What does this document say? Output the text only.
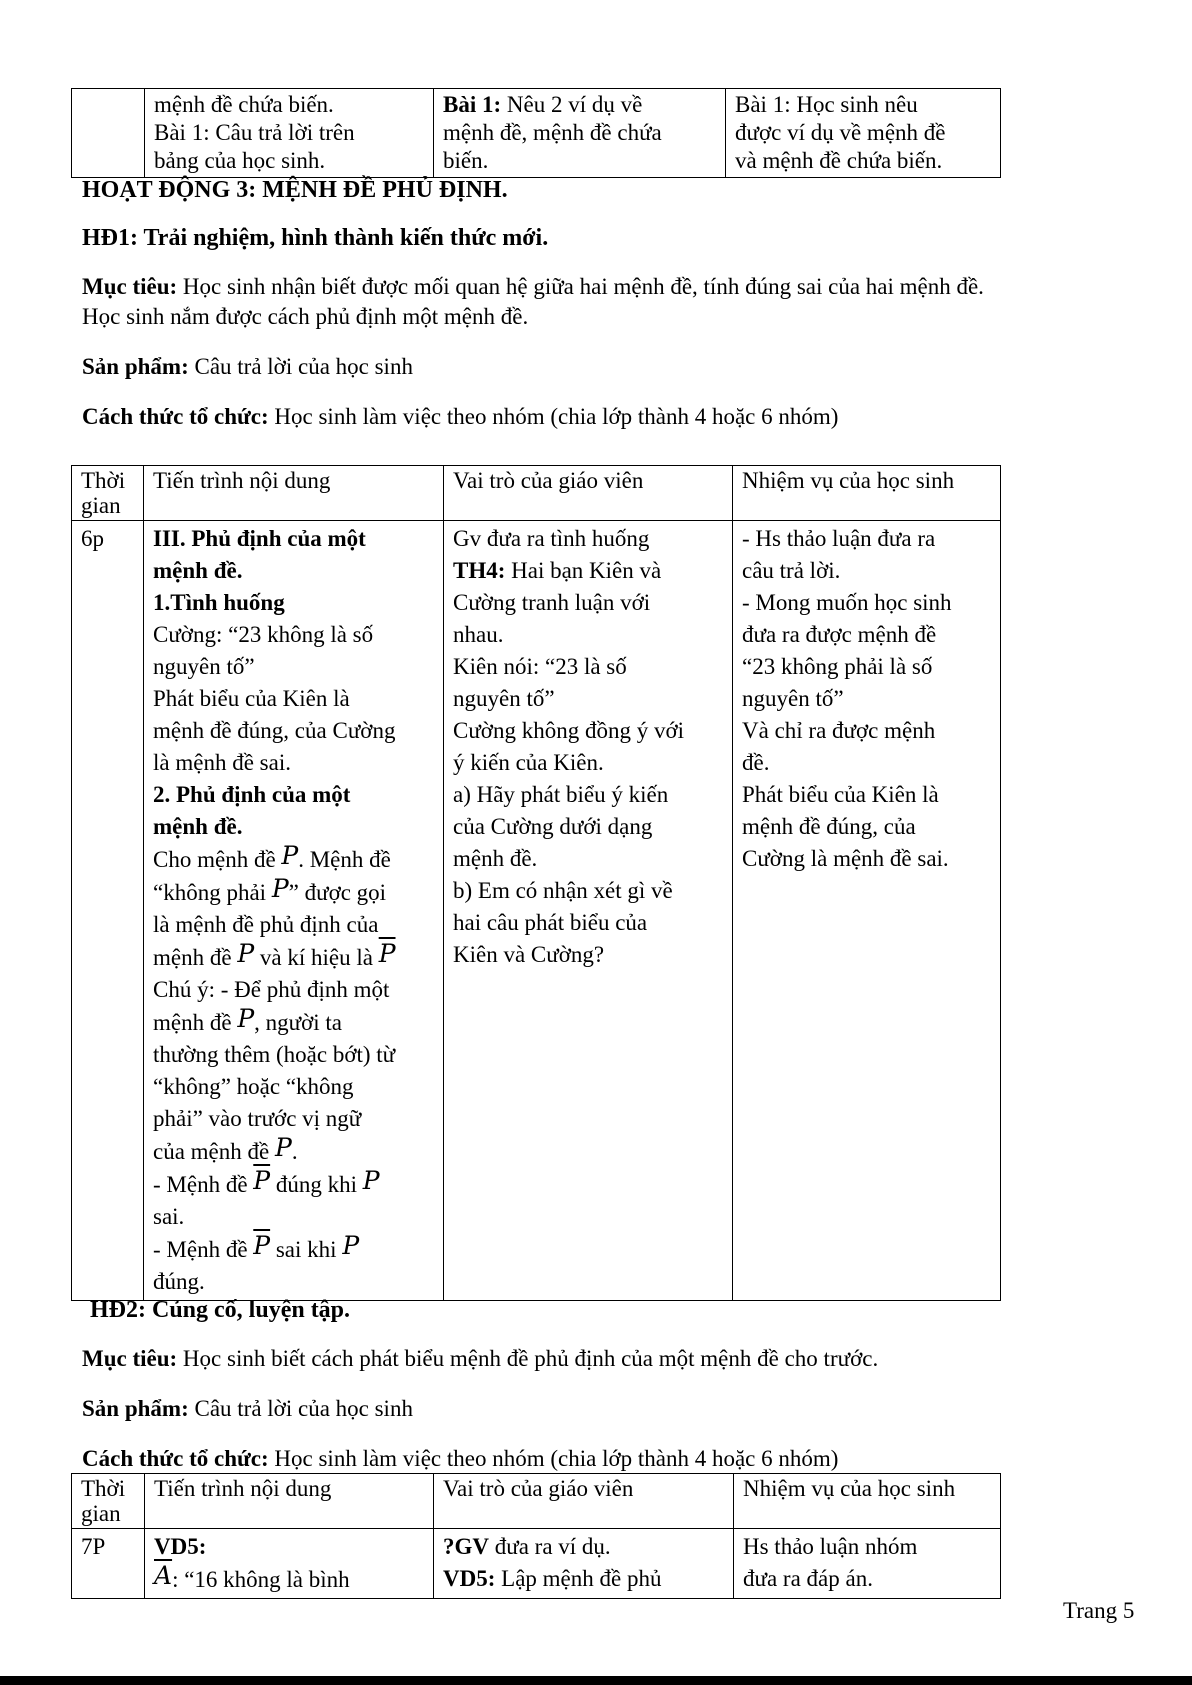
	mệnh đề chứa biến.
Bài 1: Câu trả lời trên
bảng của học sinh.	Bài 1: Nêu 2 ví dụ về
mệnh đề, mệnh đề chứa
biến.	Bài 1: Học sinh nêu
được ví dụ về mệnh đề
và mệnh đề chứa biến.
HOẠT ĐỘNG 3: MỆNH ĐỀ PHỦ ĐỊNH.
HĐ1: Trải nghiệm, hình thành kiến thức mới.
Mục tiêu: Học sinh nhận biết được mối quan hệ giữa hai mệnh đề, tính đúng sai của hai mệnh đề.
Học sinh nắm được cách phủ định một mệnh đề.
Sản phẩm: Câu trả lời của học sinh
Cách thức tổ chức: Học sinh làm việc theo nhóm (chia lớp thành 4 hoặc 6 nhóm)
Thời gian	Tiến trình nội dung	Vai trò của giáo viên	Nhiệm vụ của học sinh
6p	III. Phủ định của một
mệnh đề.
1.Tình huống
Cường: “23 không là số
nguyên tố”
Phát biểu của Kiên là
mệnh đề đúng, của Cường
là mệnh đề sai.
2. Phủ định của một
mệnh đề.
Cho mệnh đề P. Mệnh đề
“không phải P” được gọi
là mệnh đề phủ định của
mệnh đề P và kí hiệu là $\overline{P}$
Chú ý: - Để phủ định một
mệnh đề P, người ta
thường thêm (hoặc bớt) từ
“không” hoặc “không
phải” vào trước vị ngữ
của mệnh đề P.
- Mệnh đề $\overline{P}$ đúng khi P
sai.
- Mệnh đề $\overline{P}$ sai khi P
đúng.	Gv đưa ra tình huống
TH4: Hai bạn Kiên và
Cường tranh luận với
nhau.
Kiên nói: “23 là số
nguyên tố”
Cường không đồng ý với
ý kiến của Kiên.
a) Hãy phát biểu ý kiến
của Cường dưới dạng
mệnh đề.
b) Em có nhận xét gì về
hai câu phát biểu của
Kiên và Cường?	- Hs thảo luận đưa ra
câu trả lời.
- Mong muốn học sinh
đưa ra được mệnh đề
“23 không phải là số
nguyên tố”
Và chỉ ra được mệnh
đề.
Phát biểu của Kiên là
mệnh đề đúng, của
Cường là mệnh đề sai.
HĐ2: Củng cố, luyện tập.
Mục tiêu: Học sinh biết cách phát biểu mệnh đề phủ định của một mệnh đề cho trước.
Sản phẩm: Câu trả lời của học sinh
Cách thức tổ chức: Học sinh làm việc theo nhóm (chia lớp thành 4 hoặc 6 nhóm)
Thời gian	Tiến trình nội dung	Vai trò của giáo viên	Nhiệm vụ của học sinh
7P	VD5:
$\overline{A}$: “16 không là bình	?GV đưa ra ví dụ.
VD5: Lập mệnh đề phủ	Hs thảo luận nhóm
đưa ra đáp án.
Trang 5
